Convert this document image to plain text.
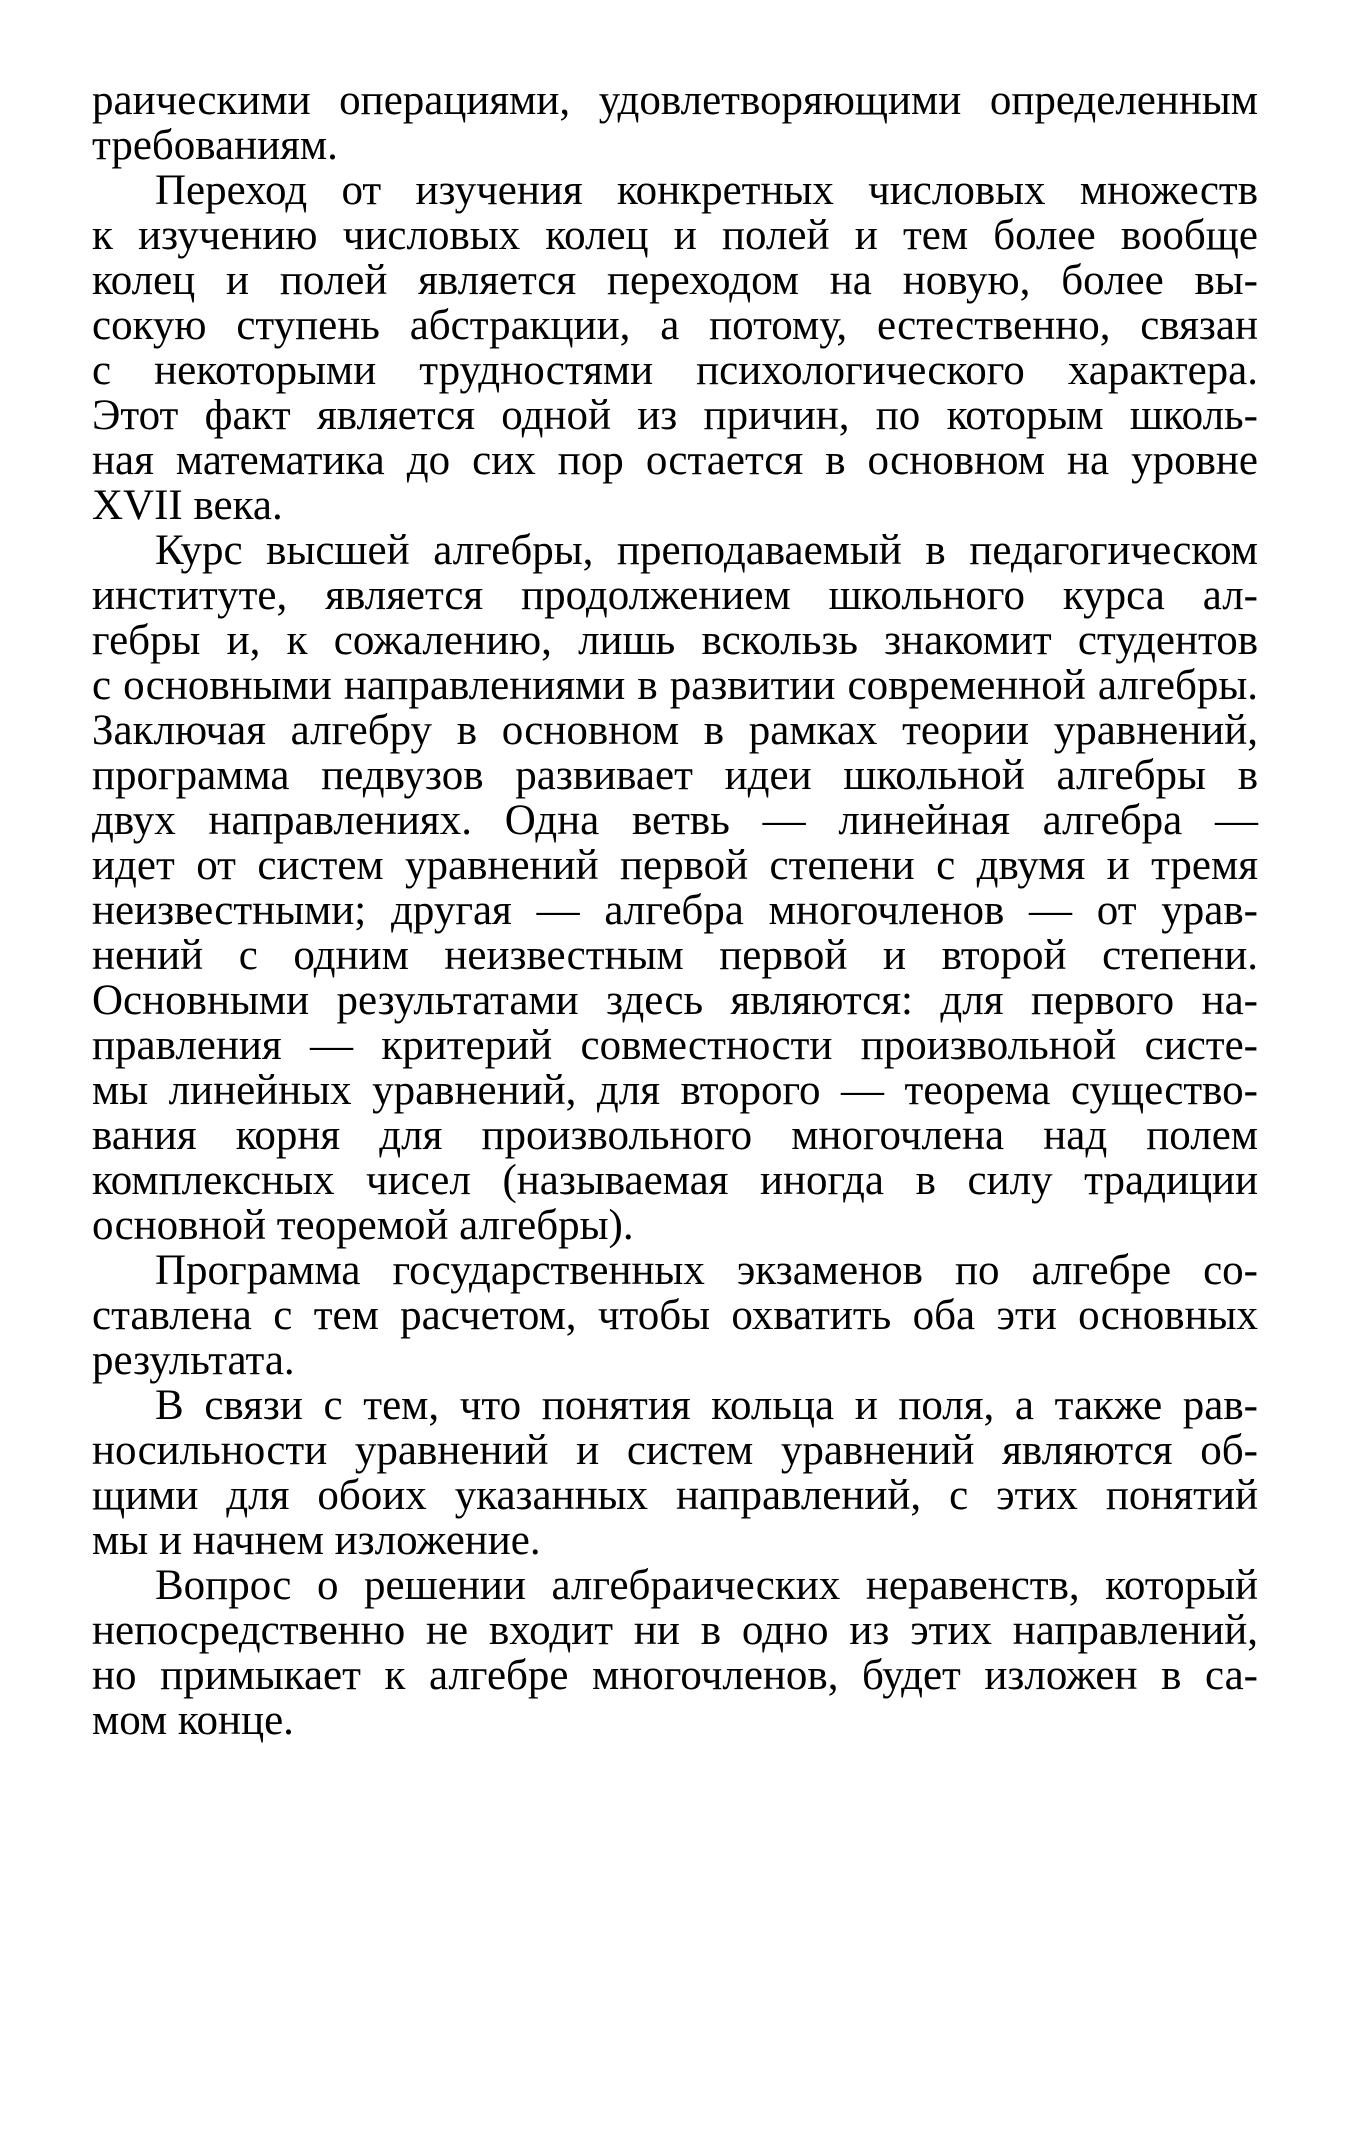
раическими операциями, удовлетворяющими определенным
требованиям.
Переход от изучения конкретных числовых множеств
к изучению числовых колец и полей и тем более вообще
колец и полей является переходом на новую, более вы-
сокую ступень абстракции, а потому, естественно, связан
с некоторыми трудностями психологического характера.
Этот факт является одной из причин, по которым школь-
ная математика до сих пор остается в основном на уровне
XVII века.
Курс высшей алгебры, преподаваемый в педагогическом
институте, является продолжением школьного курса ал-
гебры и, к сожалению, лишь вскользь знакомит студентов
с основными направлениями в развитии современной алгебры.
Заключая алгебру в основном в рамках теории уравнений,
программа педвузов развивает идеи школьной алгебры в
двух направлениях. Одна ветвь — линейная алгебра —
идет от систем уравнений первой степени с двумя и тремя
неизвестными; другая — алгебра многочленов — от урав-
нений с одним неизвестным первой и второй степени.
Основными результатами здесь являются: для первого на-
правления — критерий совместности произвольной систе-
мы линейных уравнений, для второго — теорема существо-
вания корня для произвольного многочлена над полем
комплексных чисел (называемая иногда в силу традиции
основной теоремой алгебры).
Программа государственных экзаменов по алгебре со-
ставлена с тем расчетом, чтобы охватить оба эти основных
результата.
В связи с тем, что понятия кольца и поля, а также рав-
носильности уравнений и систем уравнений являются об-
щими для обоих указанных направлений, с этих понятий
мы и начнем изложение.
Вопрос о решении алгебраических неравенств, который
непосредственно не входит ни в одно из этих направлений,
но примыкает к алгебре многочленов, будет изложен в са-
мом конце.
